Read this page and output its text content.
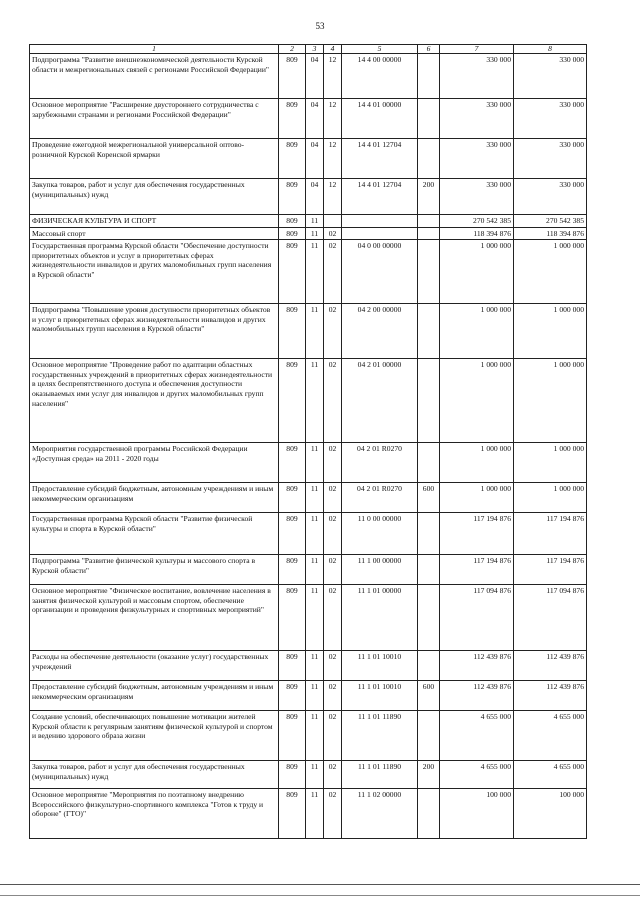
53
1	2	3	4	5	6	7	8
Подпрограмма "Развитие внешнеэкономической деятельности Курской области и межрегиональных связей с регионами Российской Федерации"	809	04	12	14 4 00 00000		330 000	330 000
Основное мероприятие "Расширение двустороннего сотрудничества с зарубежными странами и регионами Российской Федерации"	809	04	12	14 4 01 00000		330 000	330 000
Проведение ежегодной межрегиональной универсальной оптово-розничной Курской Коренской ярмарки	809	04	12	14 4 01 12704		330 000	330 000
Закупка товаров, работ и услуг для обеспечения государственных (муниципальных) нужд	809	04	12	14 4 01 12704	200	330 000	330 000
ФИЗИЧЕСКАЯ КУЛЬТУРА И СПОРТ	809	11				270 542 385	270 542 385
Массовый спорт	809	11	02			118 394 876	118 394 876
Государственная программа Курской области "Обеспечение доступности приоритетных объектов и услуг в приоритетных сферах жизнедеятельности инвалидов и других маломобильных групп населения в Курской области"	809	11	02	04 0 00 00000		1 000 000	1 000 000
Подпрограмма "Повышение уровня доступности приоритетных объектов и услуг в приоритетных сферах жизнедеятельности инвалидов и других маломобильных групп населения в Курской области"	809	11	02	04 2 00 00000		1 000 000	1 000 000
Основное мероприятие "Проведение работ по адаптации областных государственных учреждений в приоритетных сферах жизнедеятельности в целях беспрепятственного доступа и обеспечения доступности оказываемых ими услуг для инвалидов и других маломобильных групп населения"	809	11	02	04 2 01 00000		1 000 000	1 000 000
Мероприятия государственной программы Российской Федерации «Доступная среда» на 2011 - 2020 годы	809	11	02	04 2 01 R0270		1 000 000	1 000 000
Предоставление субсидий бюджетным, автономным учреждениям и иным некоммерческим организациям	809	11	02	04 2 01 R0270	600	1 000 000	1 000 000
Государственная программа Курской области "Развитие физической культуры и спорта в Курской области"	809	11	02	11 0 00 00000		117 194 876	117 194 876
Подпрограмма "Развитие физической культуры и массового спорта в Курской области"	809	11	02	11 1 00 00000		117 194 876	117 194 876
Основное мероприятие "Физическое воспитание, вовлечение населения в занятия физической культурой и массовым спортом, обеспечение организации и проведения физкультурных и спортивных мероприятий"	809	11	02	11 1 01 00000		117 094 876	117 094 876
Расходы на обеспечение деятельности (оказание услуг) государственных учреждений	809	11	02	11 1 01 10010		112 439 876	112 439 876
Предоставление субсидий бюджетным, автономным учреждениям и иным некоммерческим организациям	809	11	02	11 1 01 10010	600	112 439 876	112 439 876
Создание условий, обеспечивающих повышение мотивации жителей Курской области к регулярным занятиям физической культурой и спортом и ведению здорового образа жизни	809	11	02	11 1 01 11890		4 655 000	4 655 000
Закупка товаров, работ и услуг для обеспечения государственных (муниципальных) нужд	809	11	02	11 1 01 11890	200	4 655 000	4 655 000
Основное мероприятие "Мероприятия по поэтапному внедрению Всероссийского физкультурно-спортивного комплекса "Готов к труду и обороне" (ГТО)"	809	11	02	11 1 02 00000		100 000	100 000
